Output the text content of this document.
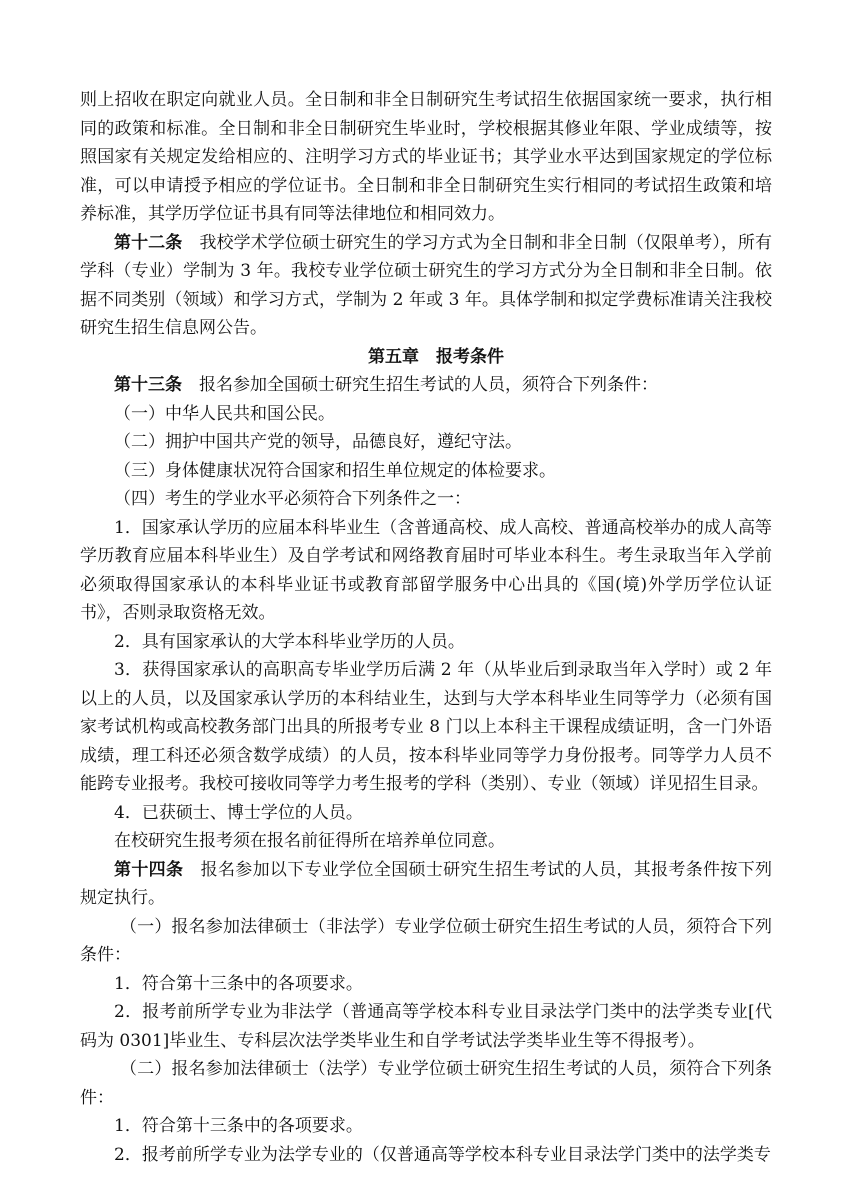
则上招收在职定向就业人员。全日制和非全日制研究生考试招生依据国家统一要求，执行相同的政策和标准。全日制和非全日制研究生毕业时，学校根据其修业年限、学业成绩等，按照国家有关规定发给相应的、注明学习方式的毕业证书；其学业水平达到国家规定的学位标准，可以申请授予相应的学位证书。全日制和非全日制研究生实行相同的考试招生政策和培养标准，其学历学位证书具有同等法律地位和相同效力。

第十二条　我校学术学位硕士研究生的学习方式为全日制和非全日制（仅限单考），所有学科（专业）学制为 3 年。我校专业学位硕士研究生的学习方式分为全日制和非全日制。依据不同类别（领域）和学习方式，学制为 2 年或 3 年。具体学制和拟定学费标准请关注我校研究生招生信息网公告。

第五章　报考条件

第十三条　报名参加全国硕士研究生招生考试的人员，须符合下列条件：

（一）中华人民共和国公民。

（二）拥护中国共产党的领导，品德良好，遵纪守法。

（三）身体健康状况符合国家和招生单位规定的体检要求。

（四）考生的学业水平必须符合下列条件之一：

1．国家承认学历的应届本科毕业生（含普通高校、成人高校、普通高校举办的成人高等学历教育应届本科毕业生）及自学考试和网络教育届时可毕业本科生。考生录取当年入学前必须取得国家承认的本科毕业证书或教育部留学服务中心出具的《国(境)外学历学位认证书》，否则录取资格无效。

2．具有国家承认的大学本科毕业学历的人员。

3．获得国家承认的高职高专毕业学历后满 2 年（从毕业后到录取当年入学时）或 2 年以上的人员，以及国家承认学历的本科结业生，达到与大学本科毕业生同等学力（必须有国家考试机构或高校教务部门出具的所报考专业 8 门以上本科主干课程成绩证明，含一门外语成绩，理工科还必须含数学成绩）的人员，按本科毕业同等学力身份报考。同等学力人员不能跨专业报考。我校可接收同等学力考生报考的学科（类别）、专业（领域）详见招生目录。

4．已获硕士、博士学位的人员。

在校研究生报考须在报名前征得所在培养单位同意。

第十四条　报名参加以下专业学位全国硕士研究生招生考试的人员，其报考条件按下列规定执行。

（一）报名参加法律硕士（非法学）专业学位硕士研究生招生考试的人员，须符合下列条件：

1．符合第十三条中的各项要求。

2．报考前所学专业为非法学（普通高等学校本科专业目录法学门类中的法学类专业[代码为 0301]毕业生、专科层次法学类毕业生和自学考试法学类毕业生等不得报考）。

（二）报名参加法律硕士（法学）专业学位硕士研究生招生考试的人员，须符合下列条件：

1．符合第十三条中的各项要求。

2．报考前所学专业为法学专业的（仅普通高等学校本科专业目录法学门类中的法学类专
